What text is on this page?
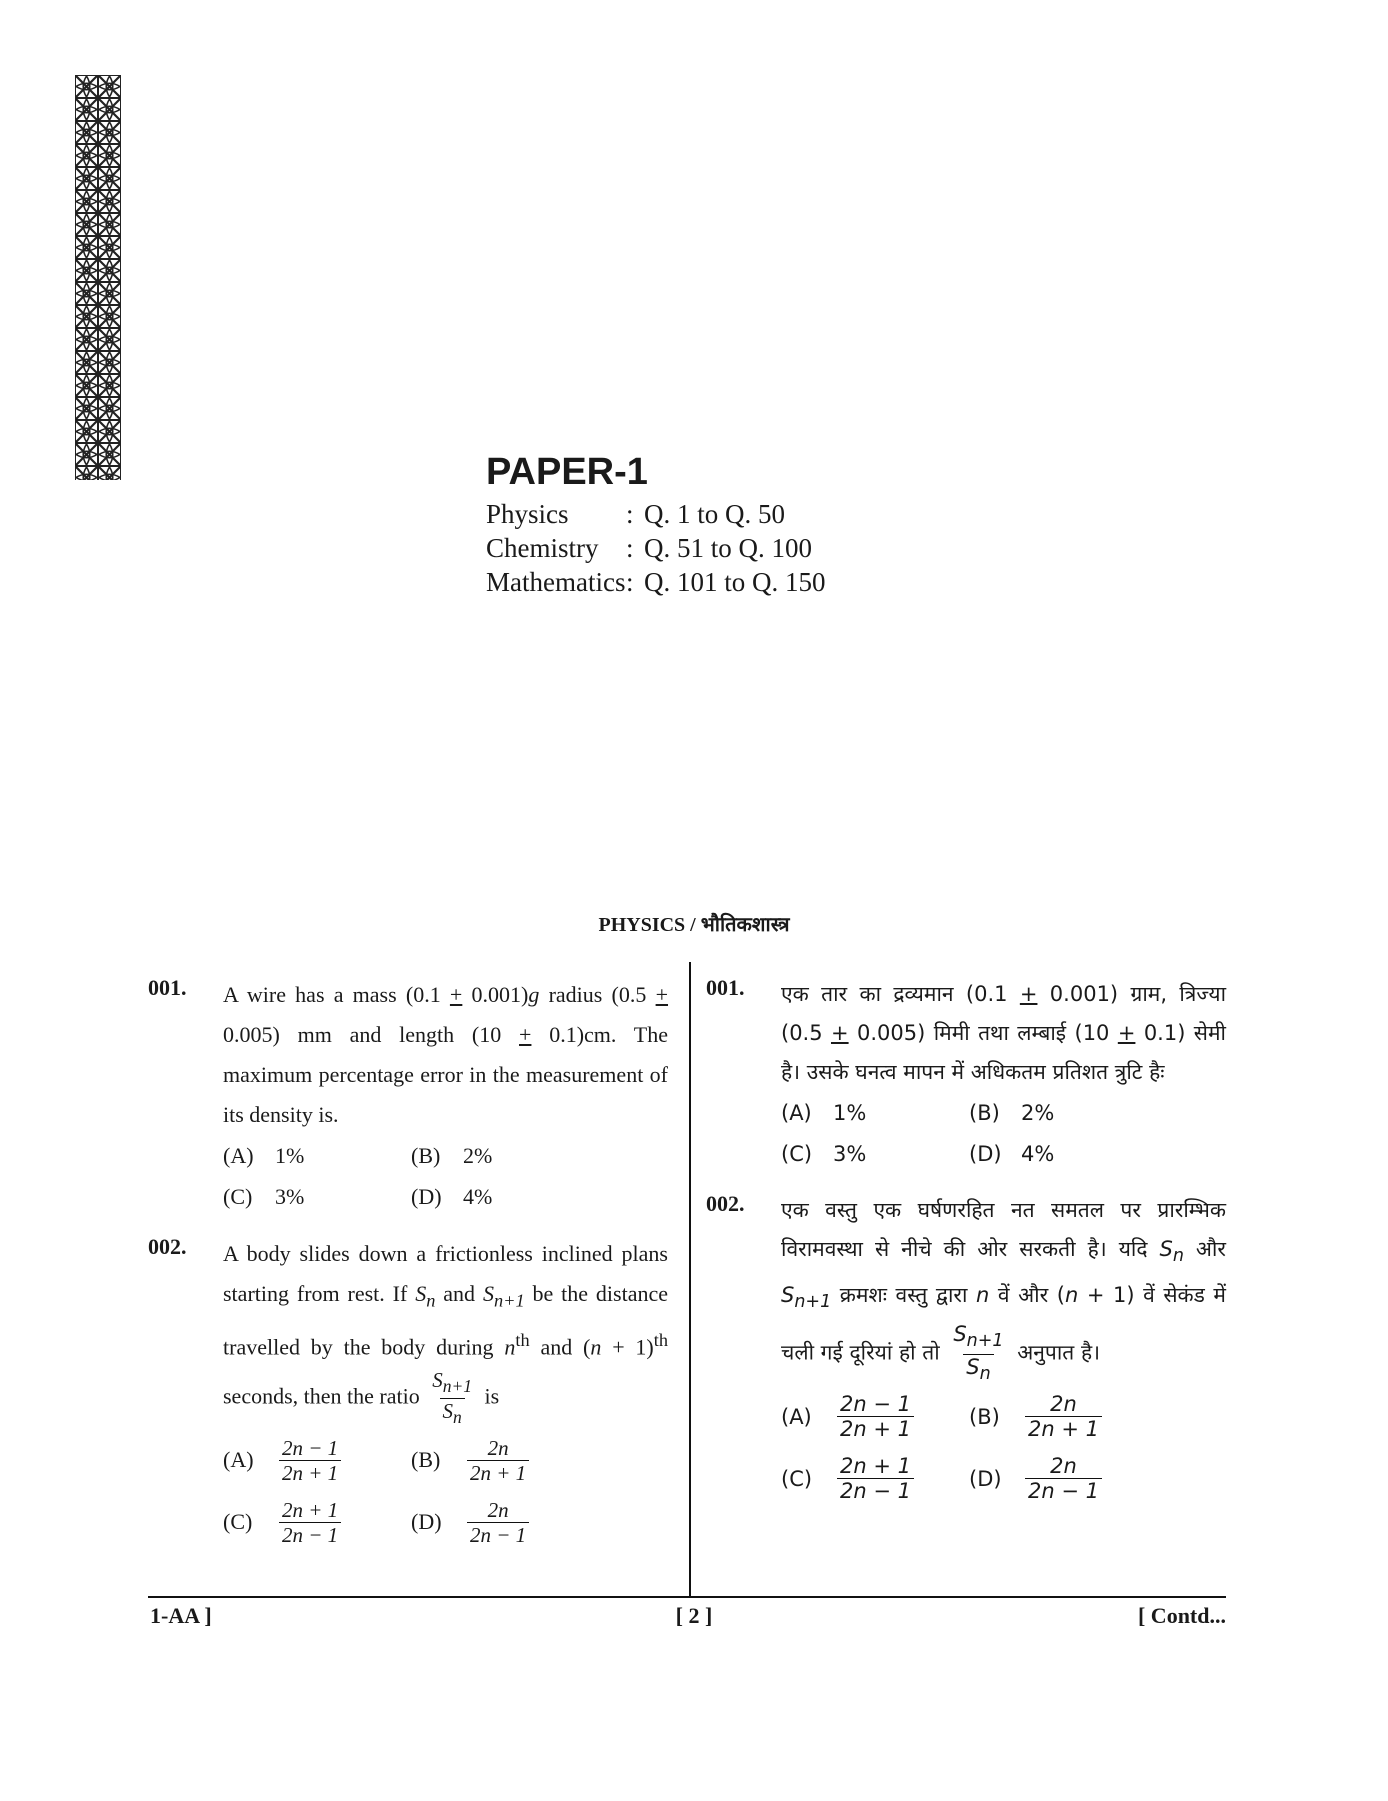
PAPER-1
Physics	: Q. 1 to Q. 50
Chemistry	: Q. 51 to Q. 100
Mathematics : Q. 101 to Q. 150
PHYSICS / भौतिकशास्त्र
001. A wire has a mass (0.1 + 0.001)g radius (0.5 + 0.005) mm and length (10 + 0.1)cm. The maximum percentage error in the measurement of its density is.
(A) 1%	(B)	2%
(C)	3%	(D) 4%
002. A body slides down a frictionless inclined plans starting from rest. If $S_n$ and $S_{n+1}$ be the distance travelled by the body during $n^{th}$ and $(n + 1)^{th}$ seconds, then the ratio $\frac{S_{n+1}}{S_n}$ is
(A)	$\frac{2n - 1}{2n + 1}$	(B)	$\frac{2n}{2n + 1}$
(C)	$\frac{2n + 1}{2n - 1}$	(D)	$\frac{2n}{2n - 1}$
001. एक तार का द्रव्यमान (0.1 + 0.001) ग्राम, त्रिज्या (0.5 + 0.005) मिमी तथा लम्बाई (10 + 0.1) सेमी है। उसके घनत्व मापन में अधिकतम प्रतिशत त्रुटि हैः
(A)	1%	(B)	2%
(C) 3%	(D) 4%
002. एक वस्तु एक घर्षणरहित नत समतल पर प्रारम्भिक विरामवस्था से नीचे की ओर सरकती है। यदि $S_n$ और $S_{n+1}$ क्रमशः वस्तु द्वारा n वें और (n + 1) वें सेकंड में चली गई दूरियां हो तो $\frac{S_{n+1}}{S_n}$ अनुपात है।
(A)	$\frac{2n - 1}{2n + 1}$	(B)	$\frac{2n}{2n + 1}$
(C)	$\frac{2n + 1}{2n - 1}$	(D)	$\frac{2n}{2n - 1}$
1-AA ]	[ 2 ]	[ Contd...
